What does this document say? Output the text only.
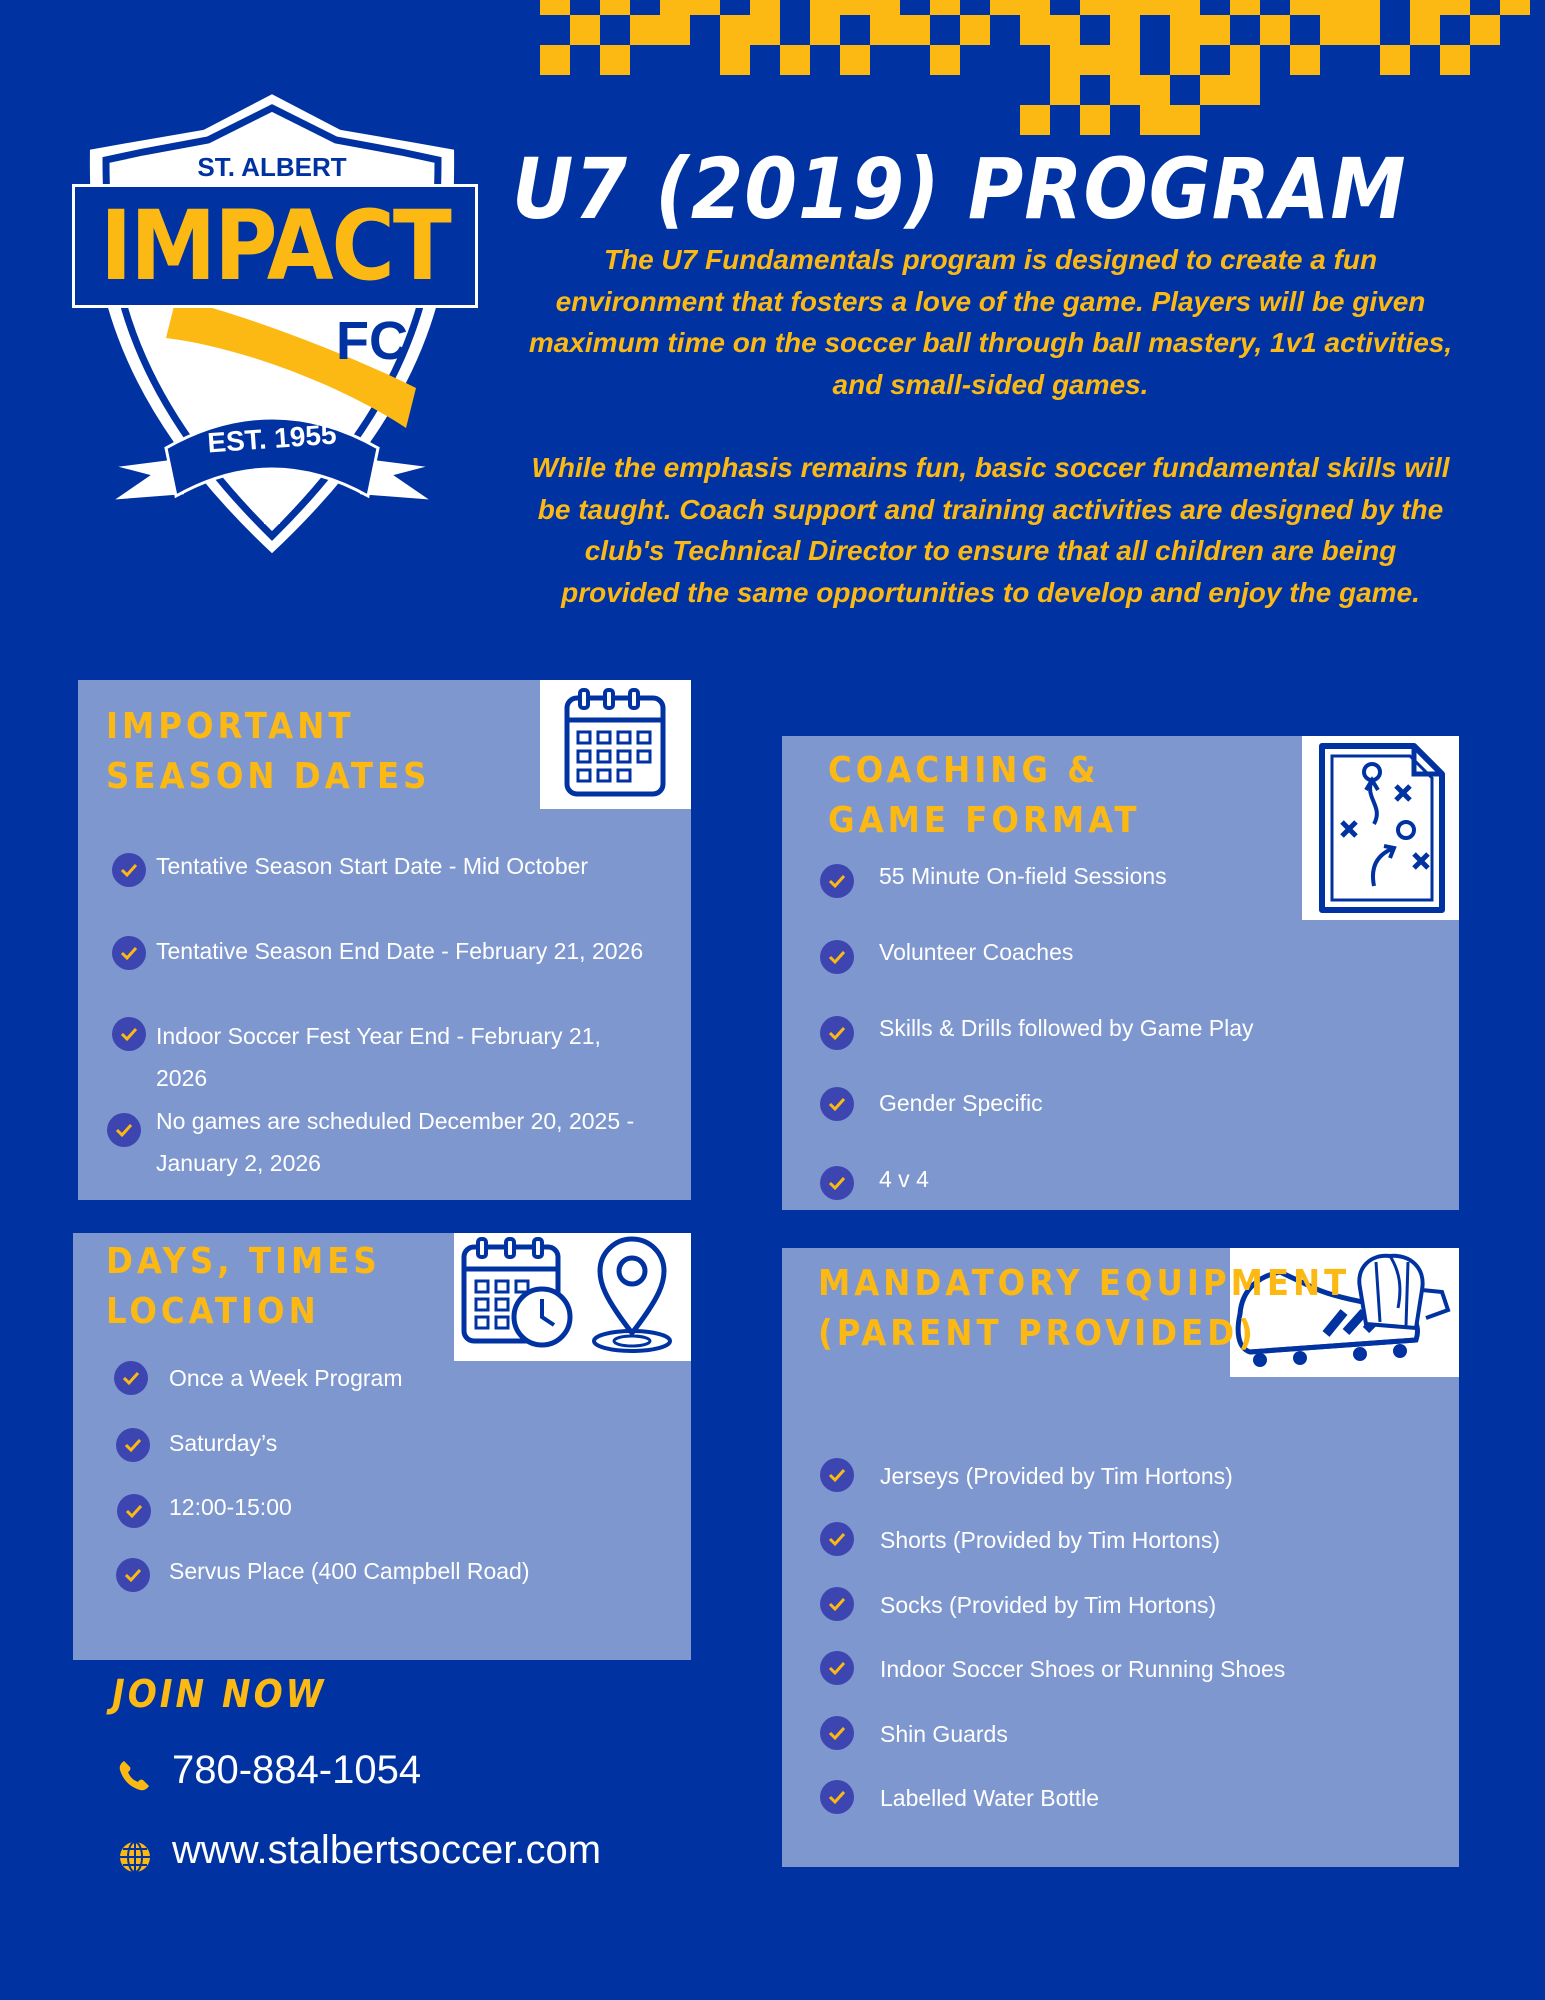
ST. ALBERT
IMPACT
FC
EST. 1955
U7 (2019) PROGRAM

The U7 Fundamentals program is designed to create a fun
environment that fosters a love of the game. Players will be given
maximum time on the soccer ball through ball mastery, 1v1 activities,
and small-sided games.

While the emphasis remains fun, basic soccer fundamental skills will
be taught. Coach support and training activities are designed by the
club's Technical Director to ensure that all children are being
provided the same opportunities to develop and enjoy the game.

IMPORTANT
SEASON DATES
Tentative Season Start Date - Mid October
Tentative Season End Date - February 21, 2026
Indoor Soccer Fest Year End - February 21,
2026
No games are scheduled December 20, 2025 -
January 2, 2026
COACHING &
GAME FORMAT
55 Minute On-field Sessions
Volunteer Coaches
Skills & Drills followed by Game Play
Gender Specific
4 v 4
DAYS, TIMES
LOCATION
Once a Week Program
Saturday’s
12:00-15:00
Servus Place (400 Campbell Road)
MANDATORY EQUIPMENT
(PARENT PROVIDED)
Jerseys (Provided by Tim Hortons)
Shorts (Provided by Tim Hortons)
Socks (Provided by Tim Hortons)
Indoor Soccer Shoes or Running Shoes
Shin Guards
Labelled Water Bottle
JOIN NOW
780-884-1054
www.stalbertsoccer.com
